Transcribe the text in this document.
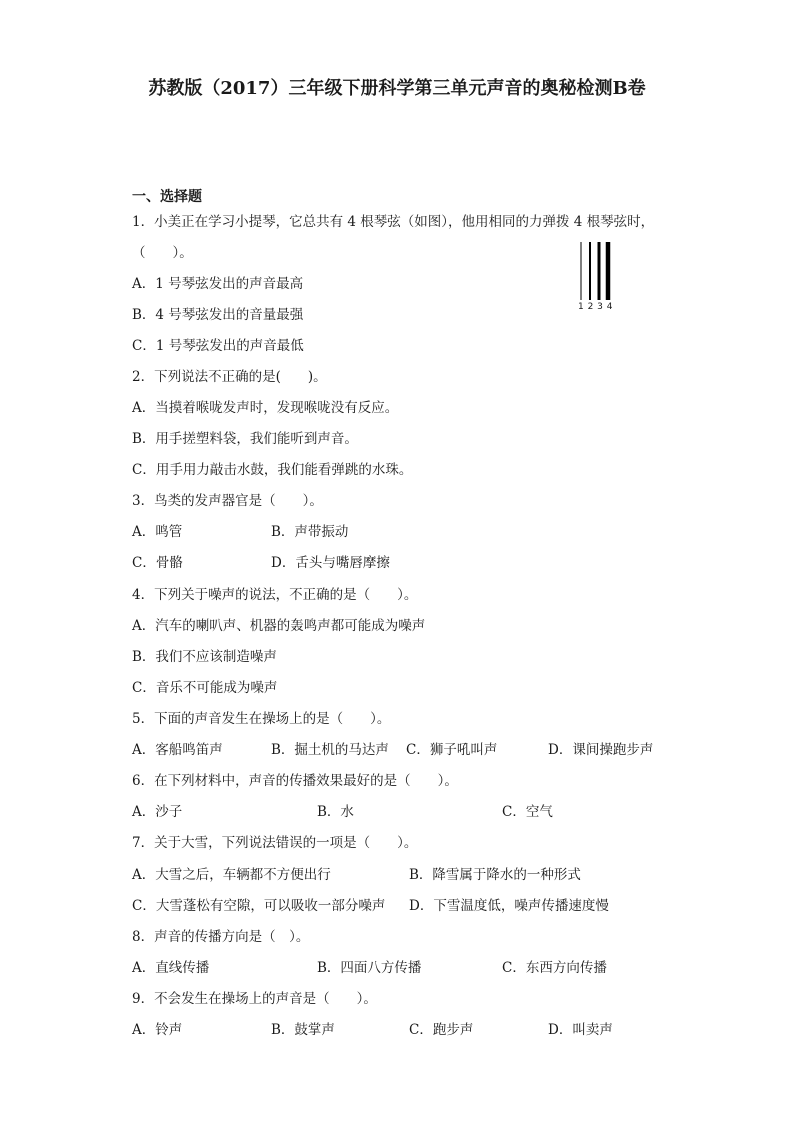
苏教版（2017）三年级下册科学第三单元声音的奥秘检测B卷
一、选择题
1．小美正在学习小提琴，它总共有 4 根琴弦（如图），他用相同的力弹拨 4 根琴弦时，
（　　）。
A．1 号琴弦发出的声音最高
B．4 号琴弦发出的音量最强
C．1 号琴弦发出的声音最低
1 2 3 4
2．下列说法不正确的是(　　)。
A．当摸着喉咙发声时，发现喉咙没有反应。
B．用手搓塑料袋，我们能听到声音。
C．用手用力敲击水鼓，我们能看弹跳的水珠。
3．鸟类的发声器官是（　　）。
A．鸣管	B．声带振动
C．骨骼	D．舌头与嘴唇摩擦
4．下列关于噪声的说法，不正确的是（　　）。
A．汽车的喇叭声、机器的轰鸣声都可能成为噪声
B．我们不应该制造噪声
C．音乐不可能成为噪声
5．下面的声音发生在操场上的是（　　）。
A．客船鸣笛声	B．掘土机的马达声 C．狮子吼叫声	D．课间操跑步声
6．在下列材料中，声音的传播效果最好的是（　　）。
A．沙子	B．水	C．空气
7．关于大雪，下列说法错误的一项是（　　）。
A．大雪之后，车辆都不方便出行	B．降雪属于降水的一种形式
C．大雪蓬松有空隙，可以吸收一部分噪声 D．下雪温度低，噪声传播速度慢
8．声音的传播方向是（　）。
A．直线传播	B．四面八方传播	C．东西方向传播
9．不会发生在操场上的声音是（　　）。
A．铃声	B．鼓掌声	C．跑步声	D．叫卖声
